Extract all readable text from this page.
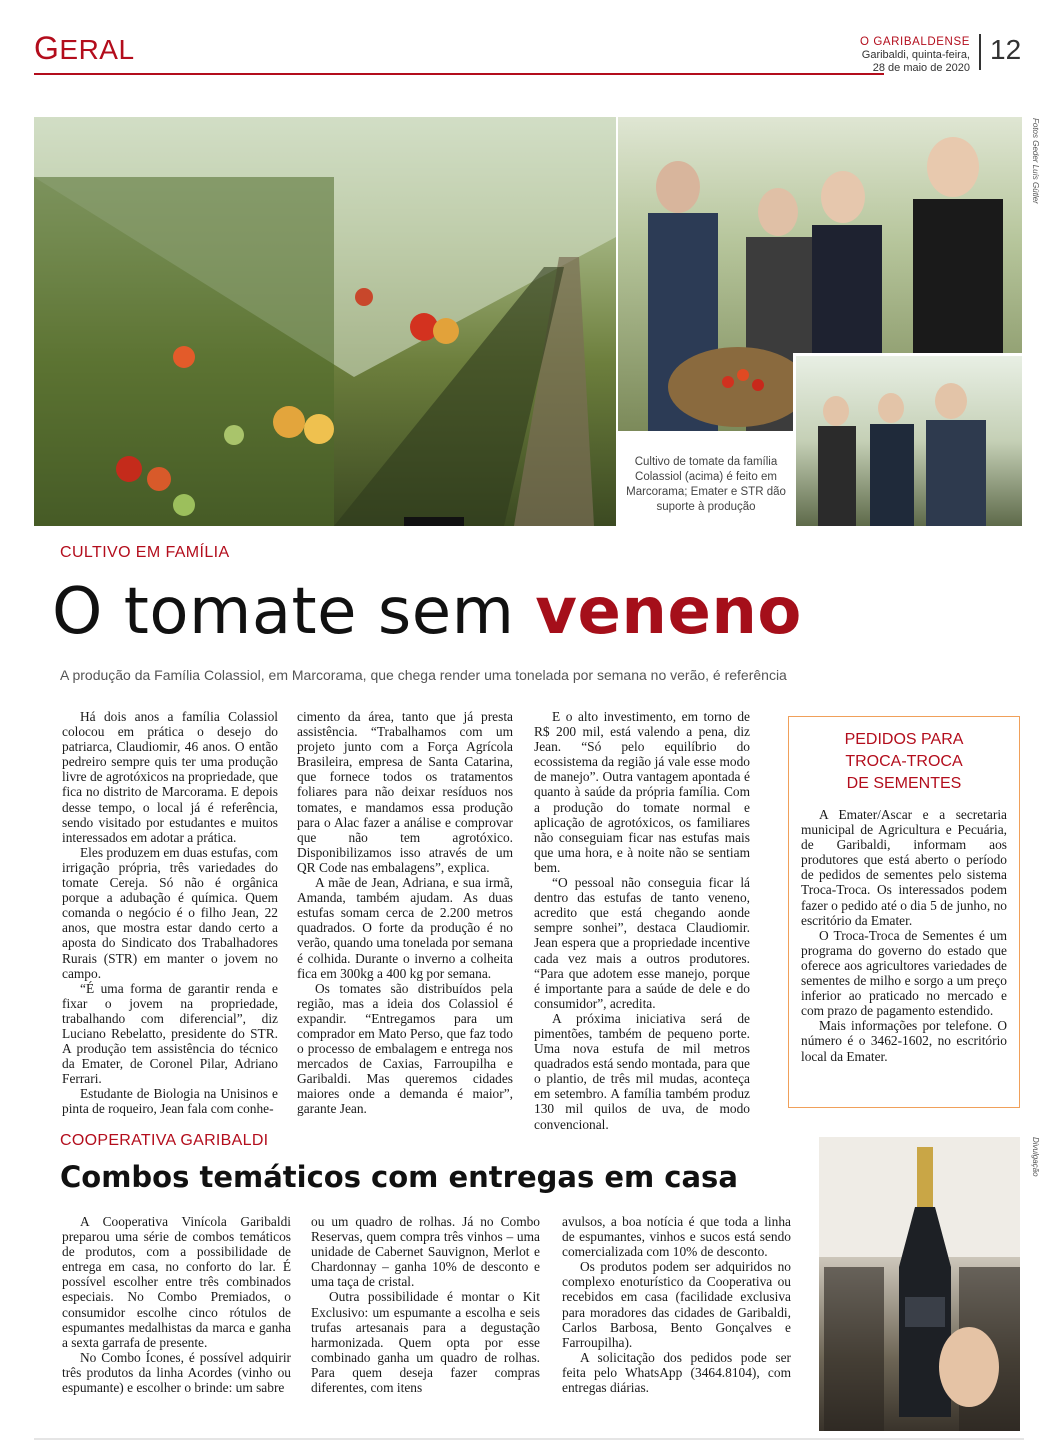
GERAL	O GARIBALDENSE
Garibaldi, quinta-feira,
28 de maio de 2020
12
Fotos Geder Luís Gütler
Cultivo de tomate da família Colassiol (acima) é feito em Marcorama; Emater e STR dão suporte à produção
CULTIVO EM FAMÍLIA
O tomate sem veneno
A produção da Família Colassiol, em Marcorama, que chega render uma tonelada por semana no verão, é referência

Há dois anos a família Colassiol colocou em prática o desejo do patriarca, Claudiomir, 46 anos. O então pedreiro sempre quis ter uma produção livre de agrotóxicos na propriedade, que fica no distrito de Marcorama. E depois desse tempo, o local já é referência, sendo visitado por estudantes e muitos interessados em adotar a prática.

Eles produzem em duas estufas, com irrigação própria, três variedades do tomate Cereja. Só não é orgânica porque a adubação é química. Quem comanda o negócio é o filho Jean, 22 anos, que mostra estar dando certo a aposta do Sindicato dos Trabalhadores Rurais (STR) em manter o jovem no campo.

“É uma forma de garantir renda e fixar o jovem na propriedade, trabalhando com diferencial”, diz Luciano Rebelatto, presidente do STR. A produção tem assistência do técnico da Emater, de Coronel Pilar, Adriano Ferrari.

Estudante de Biologia na Unisinos e pinta de roqueiro, Jean fala com conhe-

cimento da área, tanto que já presta assistência. “Trabalhamos com um projeto junto com a Força Agrícola Brasileira, empresa de Santa Catarina, que fornece todos os tratamentos foliares para não deixar resíduos nos tomates, e mandamos essa produção para o Alac fazer a análise e comprovar que não tem agrotóxico. Disponibilizamos isso através de um QR Code nas embalagens”, explica.

A mãe de Jean, Adriana, e sua irmã, Amanda, também ajudam. As duas estufas somam cerca de 2.200 metros quadrados. O forte da produção é no verão, quando uma tonelada por semana é colhida. Durante o inverno a colheita fica em 300kg a 400 kg por semana.

Os tomates são distribuídos pela região, mas a ideia dos Colassiol é expandir. “Entregamos para um comprador em Mato Perso, que faz todo o processo de embalagem e entrega nos mercados de Caxias, Farroupilha e Garibaldi. Mas queremos cidades maiores onde a demanda é maior”, garante Jean.

E o alto investimento, em torno de R$ 200 mil, está valendo a pena, diz Jean. “Só pelo equilíbrio do ecossistema da região já vale esse modo de manejo”. Outra vantagem apontada é quanto à saúde da própria família. Com a produção do tomate normal e aplicação de agrotóxicos, os familiares não conseguiam ficar nas estufas mais que uma hora, e à noite não se sentiam bem.

“O pessoal não conseguia ficar lá dentro das estufas de tanto veneno, acredito que está chegando aonde sempre sonhei”, destaca Claudiomir. Jean espera que a propriedade incentive cada vez mais a outros produtores. “Para que adotem esse manejo, porque é importante para a saúde de dele e do consumidor”, acredita.

A próxima iniciativa será de pimentões, também de pequeno porte. Uma nova estufa de mil metros quadrados está sendo montada, para que o plantio, de três mil mudas, aconteça em setembro. A família também produz 130 mil quilos de uva, de modo convencional.

PEDIDOS PARA
TROCA-TROCA
DE SEMENTES

A Emater/Ascar e a secretaria municipal de Agricultura e Pecuária, de Garibaldi, informam aos produtores que está aberto o período de pedidos de sementes pelo sistema Troca-Troca. Os interessados podem fazer o pedido até o dia 5 de junho, no escritório da Emater.

O Troca-Troca de Sementes é um programa do governo do estado que oferece aos agricultores variedades de sementes de milho e sorgo a um preço inferior ao praticado no mercado e com prazo de pagamento estendido.

Mais informações por telefone. O número é o 3462-1602, no escritório local da Emater.

COOPERATIVA GARIBALDI
Combos temáticos com entregas em casa

A Cooperativa Vinícola Garibaldi preparou uma série de combos temáticos de produtos, com a possibilidade de entrega em casa, no conforto do lar. É possível escolher entre três combinados especiais. No Combo Premiados, o consumidor escolhe cinco rótulos de espumantes medalhistas da marca e ganha a sexta garrafa de presente.

No Combo Ícones, é possível adquirir três produtos da linha Acordes (vinho ou espumante) e escolher o brinde: um sabre

ou um quadro de rolhas. Já no Combo Reservas, quem compra três vinhos – uma unidade de Cabernet Sauvignon, Merlot e Chardonnay – ganha 10% de desconto e uma taça de cristal.

Outra possibilidade é montar o Kit Exclusivo: um espumante a escolha e seis trufas artesanais para a degustação harmonizada. Quem opta por esse combinado ganha um quadro de rolhas. Para quem deseja fazer compras diferentes, com itens

avulsos, a boa notícia é que toda a linha de espumantes, vinhos e sucos está sendo comercializada com 10% de desconto.

Os produtos podem ser adquiridos no complexo enoturístico da Cooperativa ou recebidos em casa (facilidade exclusiva para moradores das cidades de Garibaldi, Carlos Barbosa, Bento Gonçalves e Farroupilha).

A solicitação dos pedidos pode ser feita pelo WhatsApp (3464.8104), com entregas diárias.

Divulgação
